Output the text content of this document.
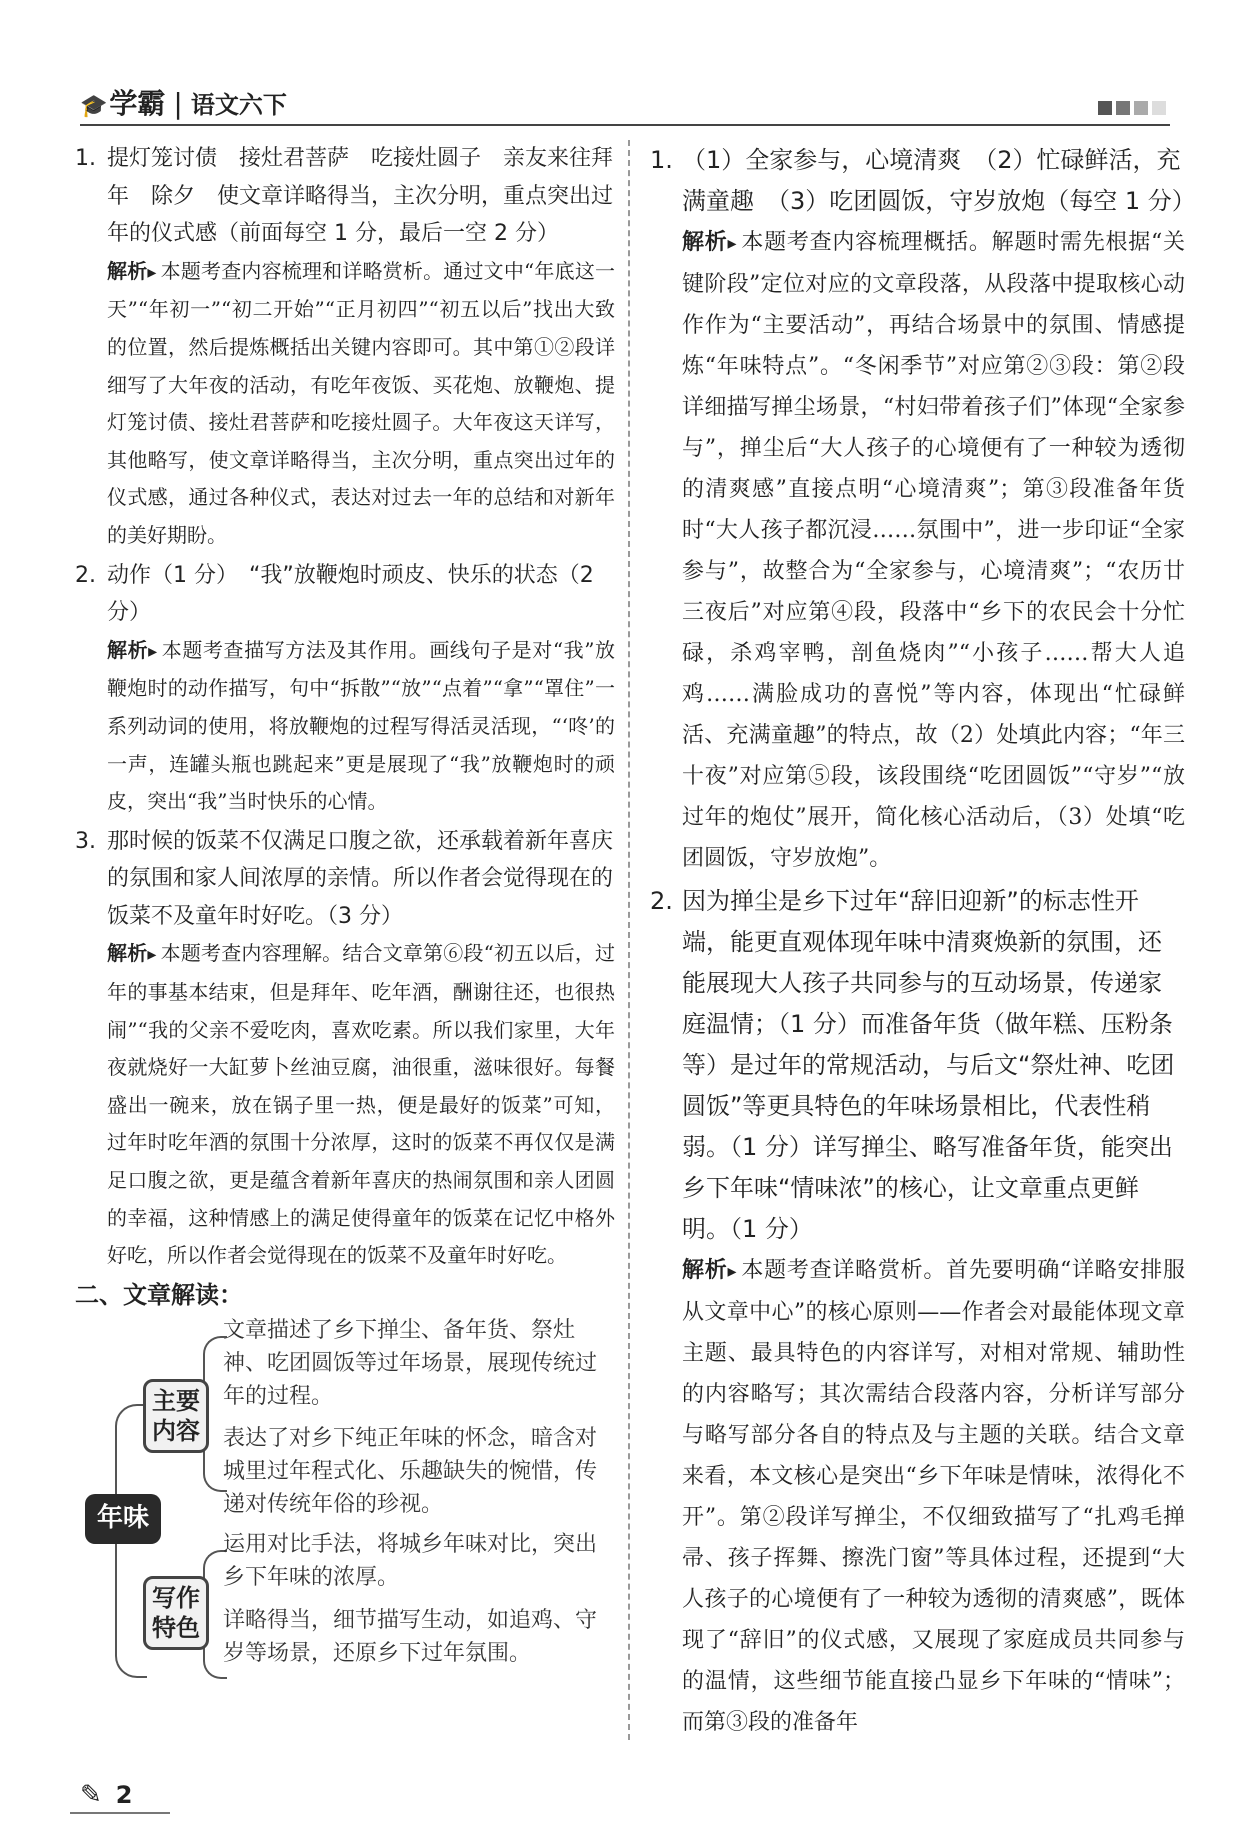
🎓学霸 | 语文六下
1. 提灯笼讨债　接灶君菩萨　吃接灶圆子　亲友来往拜年　除夕　使文章详略得当，主次分明，重点突出过年的仪式感（前面每空 1 分，最后一空 2 分）
解析 ▸ 本题考查内容梳理和详略赏析。通过文中“年底这一天”“年初一”“初二开始”“正月初四”“初五以后”找出大致的位置，然后提炼概括出关键内容即可。其中第①②段详细写了大年夜的活动，有吃年夜饭、买花炮、放鞭炮、提灯笼讨债、接灶君菩萨和吃接灶圆子。大年夜这天详写，其他略写，使文章详略得当，主次分明，重点突出过年的仪式感，通过各种仪式，表达对过去一年的总结和对新年的美好期盼。
2. 动作（1 分）　“我”放鞭炮时顽皮、快乐的状态（2 分）
解析 ▸ 本题考查描写方法及其作用。画线句子是对“我”放鞭炮时的动作描写，句中“拆散”“放”“点着”“拿”“罩住”一系列动词的使用，将放鞭炮的过程写得活灵活现，“‘咚’的一声，连罐头瓶也跳起来”更是展现了“我”放鞭炮时的顽皮，突出“我”当时快乐的心情。
3. 那时候的饭菜不仅满足口腹之欲，还承载着新年喜庆的氛围和家人间浓厚的亲情。所以作者会觉得现在的饭菜不及童年时好吃。（3 分）
解析 ▸ 本题考查内容理解。结合文章第⑥段“初五以后，过年的事基本结束，但是拜年、吃年酒，酬谢往还，也很热闹”“我的父亲不爱吃肉，喜欢吃素。所以我们家里，大年夜就烧好一大缸萝卜丝油豆腐，油很重，滋味很好。每餐盛出一碗来，放在锅子里一热，便是最好的饭菜”可知，过年时吃年酒的氛围十分浓厚，这时的饭菜不再仅仅是满足口腹之欲，更是蕴含着新年喜庆的热闹氛围和亲人团圆的幸福，这种情感上的满足使得童年的饭菜在记忆中格外好吃，所以作者会觉得现在的饭菜不及童年时好吃。
二、文章解读：
年味
主要内容
写作特色
文章描述了乡下掸尘、备年货、祭灶神、吃团圆饭等过年场景，展现传统过年的过程。
表达了对乡下纯正年味的怀念，暗含对城里过年程式化、乐趣缺失的惋惜，传递对传统年俗的珍视。
运用对比手法，将城乡年味对比，突出乡下年味的浓厚。
详略得当，细节描写生动，如追鸡、守岁等场景，还原乡下过年氛围。
1. （1）全家参与，心境清爽　（2）忙碌鲜活，充满童趣　（3）吃团圆饭，守岁放炮（每空 1 分）
解析 ▸ 本题考查内容梳理概括。解题时需先根据“关键阶段”定位对应的文章段落，从段落中提取核心动作作为“主要活动”，再结合场景中的氛围、情感提炼“年味特点”。“冬闲季节”对应第②③段：第②段详细描写掸尘场景，“村妇带着孩子们”体现“全家参与”，掸尘后“大人孩子的心境便有了一种较为透彻的清爽感”直接点明“心境清爽”；第③段准备年货时“大人孩子都沉浸……氛围中”，进一步印证“全家参与”，故整合为“全家参与，心境清爽”；“农历廿三夜后”对应第④段，段落中“乡下的农民会十分忙碌，杀鸡宰鸭，剖鱼烧肉”“小孩子……帮大人追鸡……满脸成功的喜悦”等内容，体现出“忙碌鲜活、充满童趣”的特点，故（2）处填此内容；“年三十夜”对应第⑤段，该段围绕“吃团圆饭”“守岁”“放过年的炮仗”展开，简化核心活动后，（3）处填“吃团圆饭，守岁放炮”。
2. 因为掸尘是乡下过年“辞旧迎新”的标志性开端，能更直观体现年味中清爽焕新的氛围，还能展现大人孩子共同参与的互动场景，传递家庭温情；（1 分）而准备年货（做年糕、压粉条等）是过年的常规活动，与后文“祭灶神、吃团圆饭”等更具特色的年味场景相比，代表性稍弱。（1 分）详写掸尘、略写准备年货，能突出乡下年味“情味浓”的核心，让文章重点更鲜明。（1 分）
解析 ▸ 本题考查详略赏析。首先要明确“详略安排服从文章中心”的核心原则——作者会对最能体现文章主题、最具特色的内容详写，对相对常规、辅助性的内容略写；其次需结合段落内容，分析详写部分与略写部分各自的特点及与主题的关联。结合文章来看，本文核心是突出“乡下年味是情味，浓得化不开”。第②段详写掸尘，不仅细致描写了“扎鸡毛掸帚、孩子挥舞、擦洗门窗”等具体过程，还提到“大人孩子的心境便有了一种较为透彻的清爽感”，既体现了“辞旧”的仪式感，又展现了家庭成员共同参与的温情，这些细节能直接凸显乡下年味的“情味”；而第③段的准备年
✎ 2
